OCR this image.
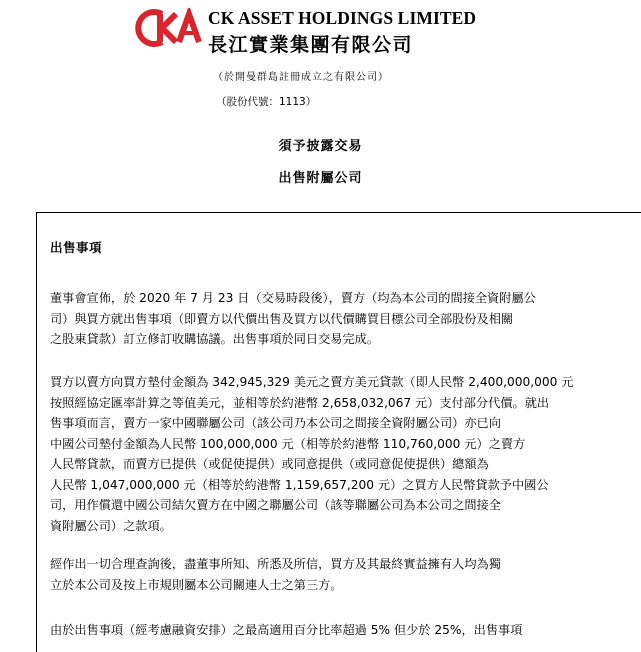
CK ASSET HOLDINGS LIMITED
長江實業集團有限公司
（於開曼群島註冊成立之有限公司）
（股份代號：1113）
須予披露交易
出售附屬公司
出售事項
董事會宣佈，於 2020 年 7 月 23 日（交易時段後），賣方（均為本公司的間接全資附屬公
司）與買方就出售事項（即賣方以代價出售及買方以代價購買目標公司全部股份及相關
之股東貸款）訂立修訂收購協議。出售事項於同日交易完成。
買方以賣方向買方墊付金額為 342,945,329 美元之賣方美元貸款（即人民幣 2,400,000,000 元
按照經協定匯率計算之等值美元，並相等於約港幣 2,658,032,067 元）支付部分代價。就出
售事項而言，賣方一家中國聯屬公司（該公司乃本公司之間接全資附屬公司）亦已向
中國公司墊付金額為人民幣 100,000,000 元（相等於約港幣 110,760,000 元）之賣方
人民幣貸款，而賣方已提供（或促使提供）或同意提供（或同意促使提供）總額為
人民幣 1,047,000,000 元（相等於約港幣 1,159,657,200 元）之買方人民幣貸款予中國公
司，用作償還中國公司結欠賣方在中國之聯屬公司（該等聯屬公司為本公司之間接全
資附屬公司）之款項。
經作出一切合理查詢後，盡董事所知、所悉及所信，買方及其最終實益擁有人均為獨
立於本公司及按上市規則屬本公司關連人士之第三方。
由於出售事項（經考慮融資安排）之最高適用百分比率超過 5% 但少於 25%，出售事項
